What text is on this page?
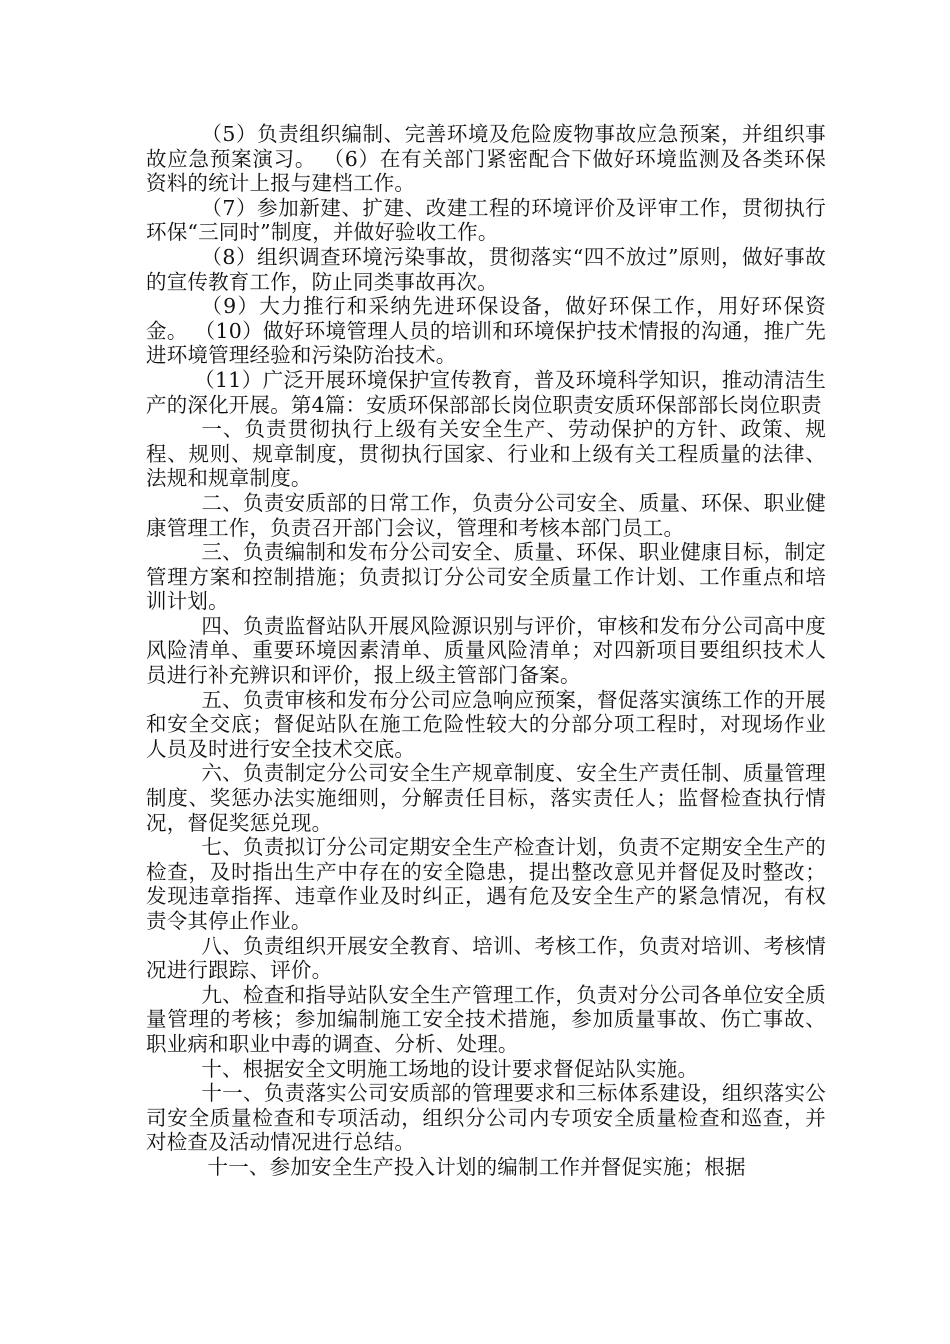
（5）负责组织编制、完善环境及危险废物事故应急预案，并组织事故应急预案演习。 （6）在有关部门紧密配合下做好环境监测及各类环保资料的统计上报与建档工作。

（7）参加新建、扩建、改建工程的环境评价及评审工作，贯彻执行环保“三同时”制度，并做好验收工作。

（8）组织调查环境污染事故，贯彻落实“四不放过”原则，做好事故的宣传教育工作，防止同类事故再次。

（9）大力推行和采纳先进环保设备，做好环保工作，用好环保资金。 （10）做好环境管理人员的培训和环境保护技术情报的沟通，推广先进环境管理经验和污染防治技术。

（11）广泛开展环境保护宣传教育，普及环境科学知识，推动清洁生产的深化开展。第4篇：安质环保部部长岗位职责安质环保部部长岗位职责

一、负责贯彻执行上级有关安全生产、劳动保护的方针、政策、规程、规则、规章制度，贯彻执行国家、行业和上级有关工程质量的法律、法规和规章制度。

二、负责安质部的日常工作，负责分公司安全、质量、环保、职业健康管理工作，负责召开部门会议，管理和考核本部门员工。

三、负责编制和发布分公司安全、质量、环保、职业健康目标，制定管理方案和控制措施；负责拟订分公司安全质量工作计划、工作重点和培训计划。

四、负责监督站队开展风险源识别与评价，审核和发布分公司高中度风险清单、重要环境因素清单、质量风险清单；对四新项目要组织技术人员进行补充辨识和评价，报上级主管部门备案。

五、负责审核和发布分公司应急响应预案，督促落实演练工作的开展和安全交底；督促站队在施工危险性较大的分部分项工程时，对现场作业人员及时进行安全技术交底。

六、负责制定分公司安全生产规章制度、安全生产责任制、质量管理制度、奖惩办法实施细则，分解责任目标，落实责任人；监督检查执行情况，督促奖惩兑现。

七、负责拟订分公司定期安全生产检查计划，负责不定期安全生产的检查，及时指出生产中存在的安全隐患，提出整改意见并督促及时整改；发现违章指挥、违章作业及时纠正，遇有危及安全生产的紧急情况，有权责令其停止作业。

八、负责组织开展安全教育、培训、考核工作，负责对培训、考核情况进行跟踪、评价。

九、检查和指导站队安全生产管理工作，负责对分公司各单位安全质量管理的考核；参加编制施工安全技术措施，参加质量事故、伤亡事故、职业病和职业中毒的调查、分析、处理。

十、根据安全文明施工场地的设计要求督促站队实施。

十一、负责落实公司安质部的管理要求和三标体系建设，组织落实公司安全质量检查和专项活动，组织分公司内专项安全质量检查和巡查，并对检查及活动情况进行总结。

十一、参加安全生产投入计划的编制工作并督促实施；根据
